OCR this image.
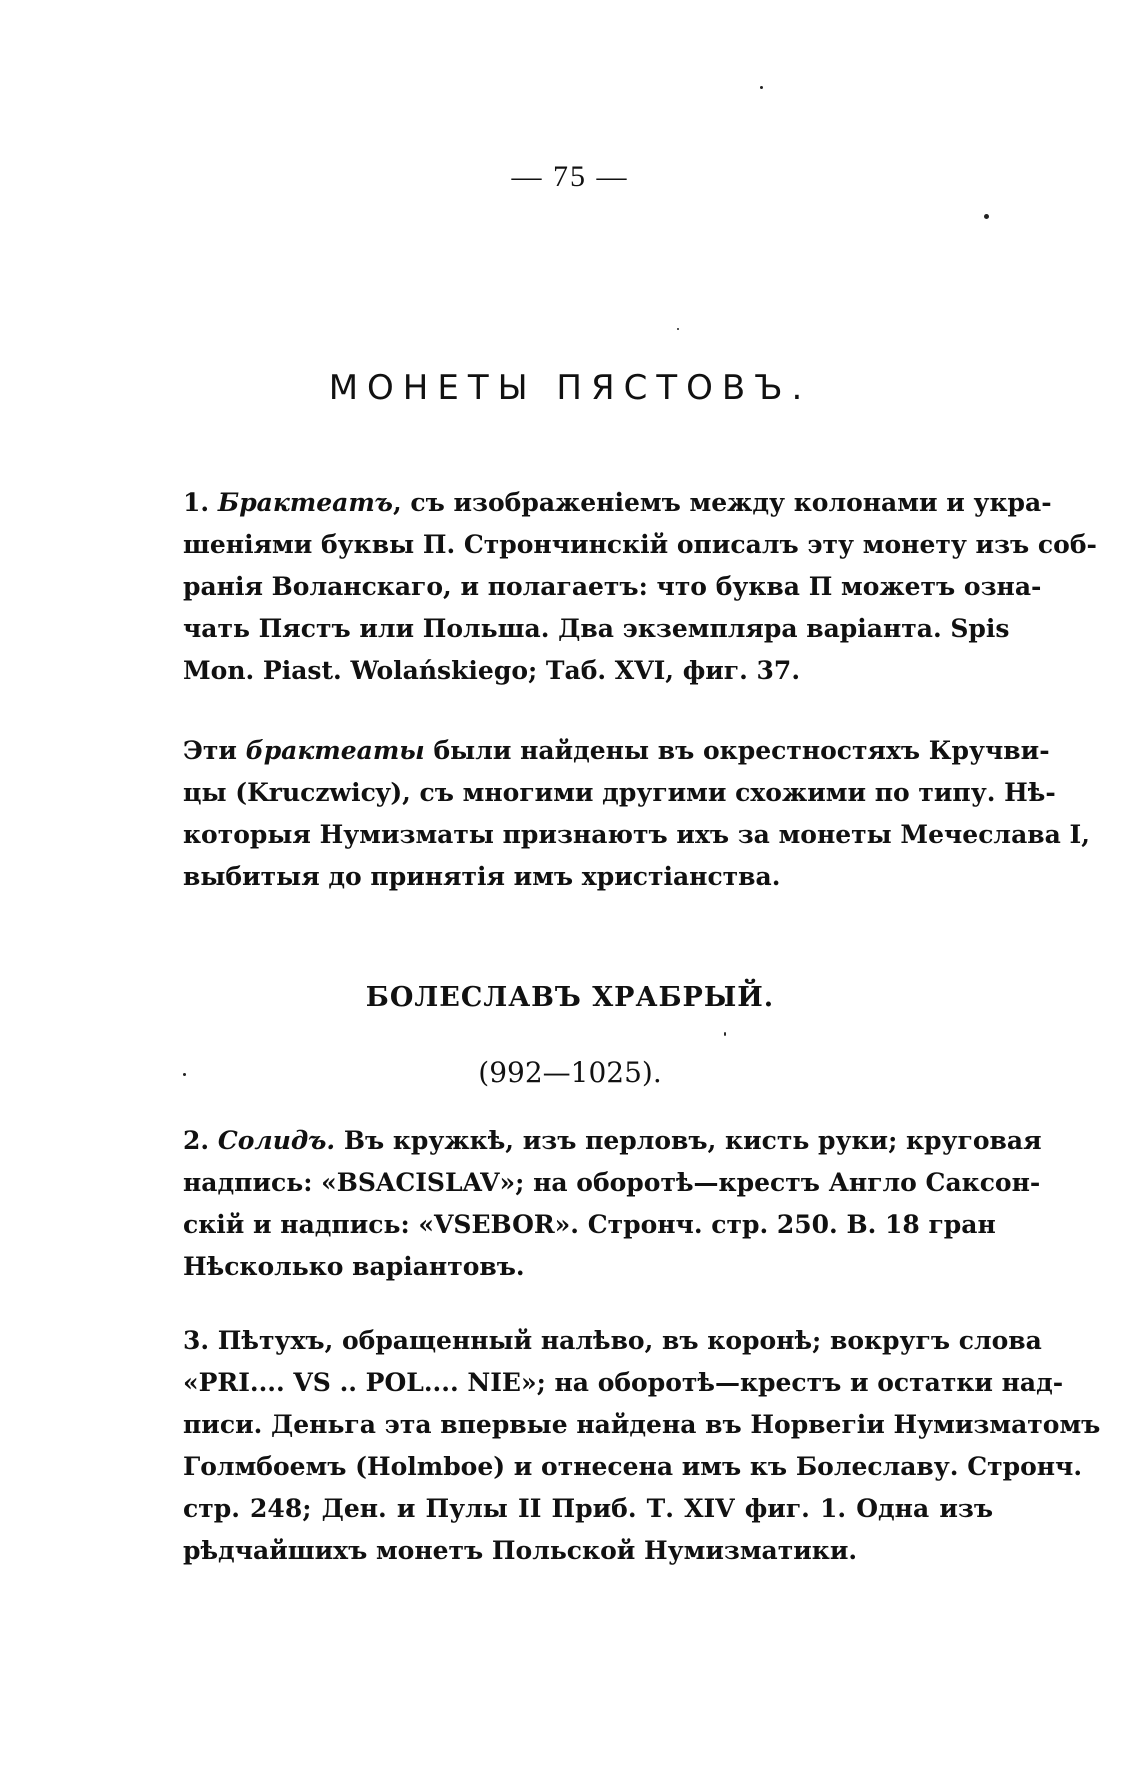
— 75 —
МОНЕТЫ ПЯСТОВЪ.
1. Брактеатъ, съ изображеніемъ между колонами и укра-
шеніями буквы П. Стрончинскій описалъ эту монету изъ соб-
ранія Воланскаго, и полагаетъ: что буква П можетъ озна-
чать Пястъ или Польша. Два экземпляра варіанта. Spis
Mon. Piast. Wolańskiego; Таб. XVI, фиг. 37.
Эти брактеаты были найдены въ окрестностяхъ Кручви-
цы (Kruczwicy), съ многими другими схожими по типу. Нѣ-
которыя Нумизматы признаютъ ихъ за монеты Мечеслава I,
выбитыя до принятія имъ христіанства.
БОЛЕСЛАВЪ ХРАБРЫЙ.
(992—1025).
2. Солидъ. Въ кружкѣ, изъ перловъ, кисть руки; круговая
надпись: «BSACISLAV»; на оборотѣ—крестъ Англо Саксон-
скій и надпись: «VSEBOR». Стронч. стр. 250. В. 18 гран
Нѣсколько варіантовъ.
3. Пѣтухъ, обращенный налѣво, въ коронѣ; вокругъ слова
«PRI.... VS .. POL.... NIE»; на оборотѣ—крестъ и остатки над-
писи. Деньга эта впервые найдена въ Норвегіи Нумизматомъ
Голмбоемъ (Holmboe) и отнесена имъ къ Болеславу. Стронч.
стр. 248; Ден. и Пулы II Приб. Т. XIV фиг. 1. Одна изъ
рѣдчайшихъ монетъ Польской Нумизматики.
